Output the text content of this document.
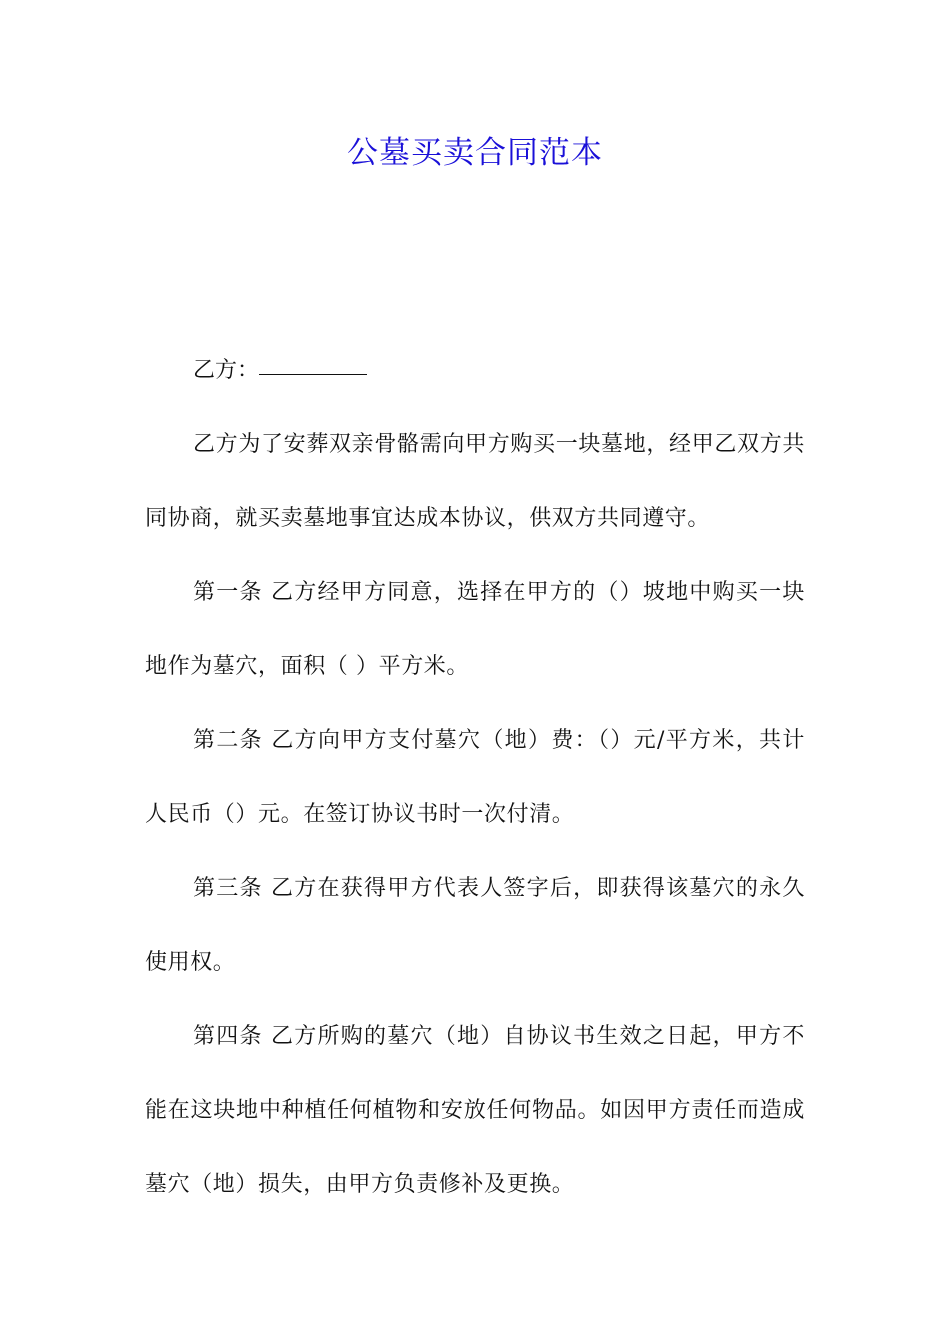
公墓买卖合同范本

乙方：

乙方为了安葬双亲骨骼需向甲方购买一块墓地，经甲乙双方共同协商，就买卖墓地事宜达成本协议，供双方共同遵守。

第一条 乙方经甲方同意，选择在甲方的（）坡地中购买一块地作为墓穴，面积（ ）平方米。

第二条 乙方向甲方支付墓穴（地）费：（）元/平方米，共计人民币（）元。在签订协议书时一次付清。

第三条 乙方在获得甲方代表人签字后，即获得该墓穴的永久使用权。

第四条 乙方所购的墓穴（地）自协议书生效之日起，甲方不能在这块地中种植任何植物和安放任何物品。如因甲方责任而造成墓穴（地）损失，由甲方负责修补及更换。
